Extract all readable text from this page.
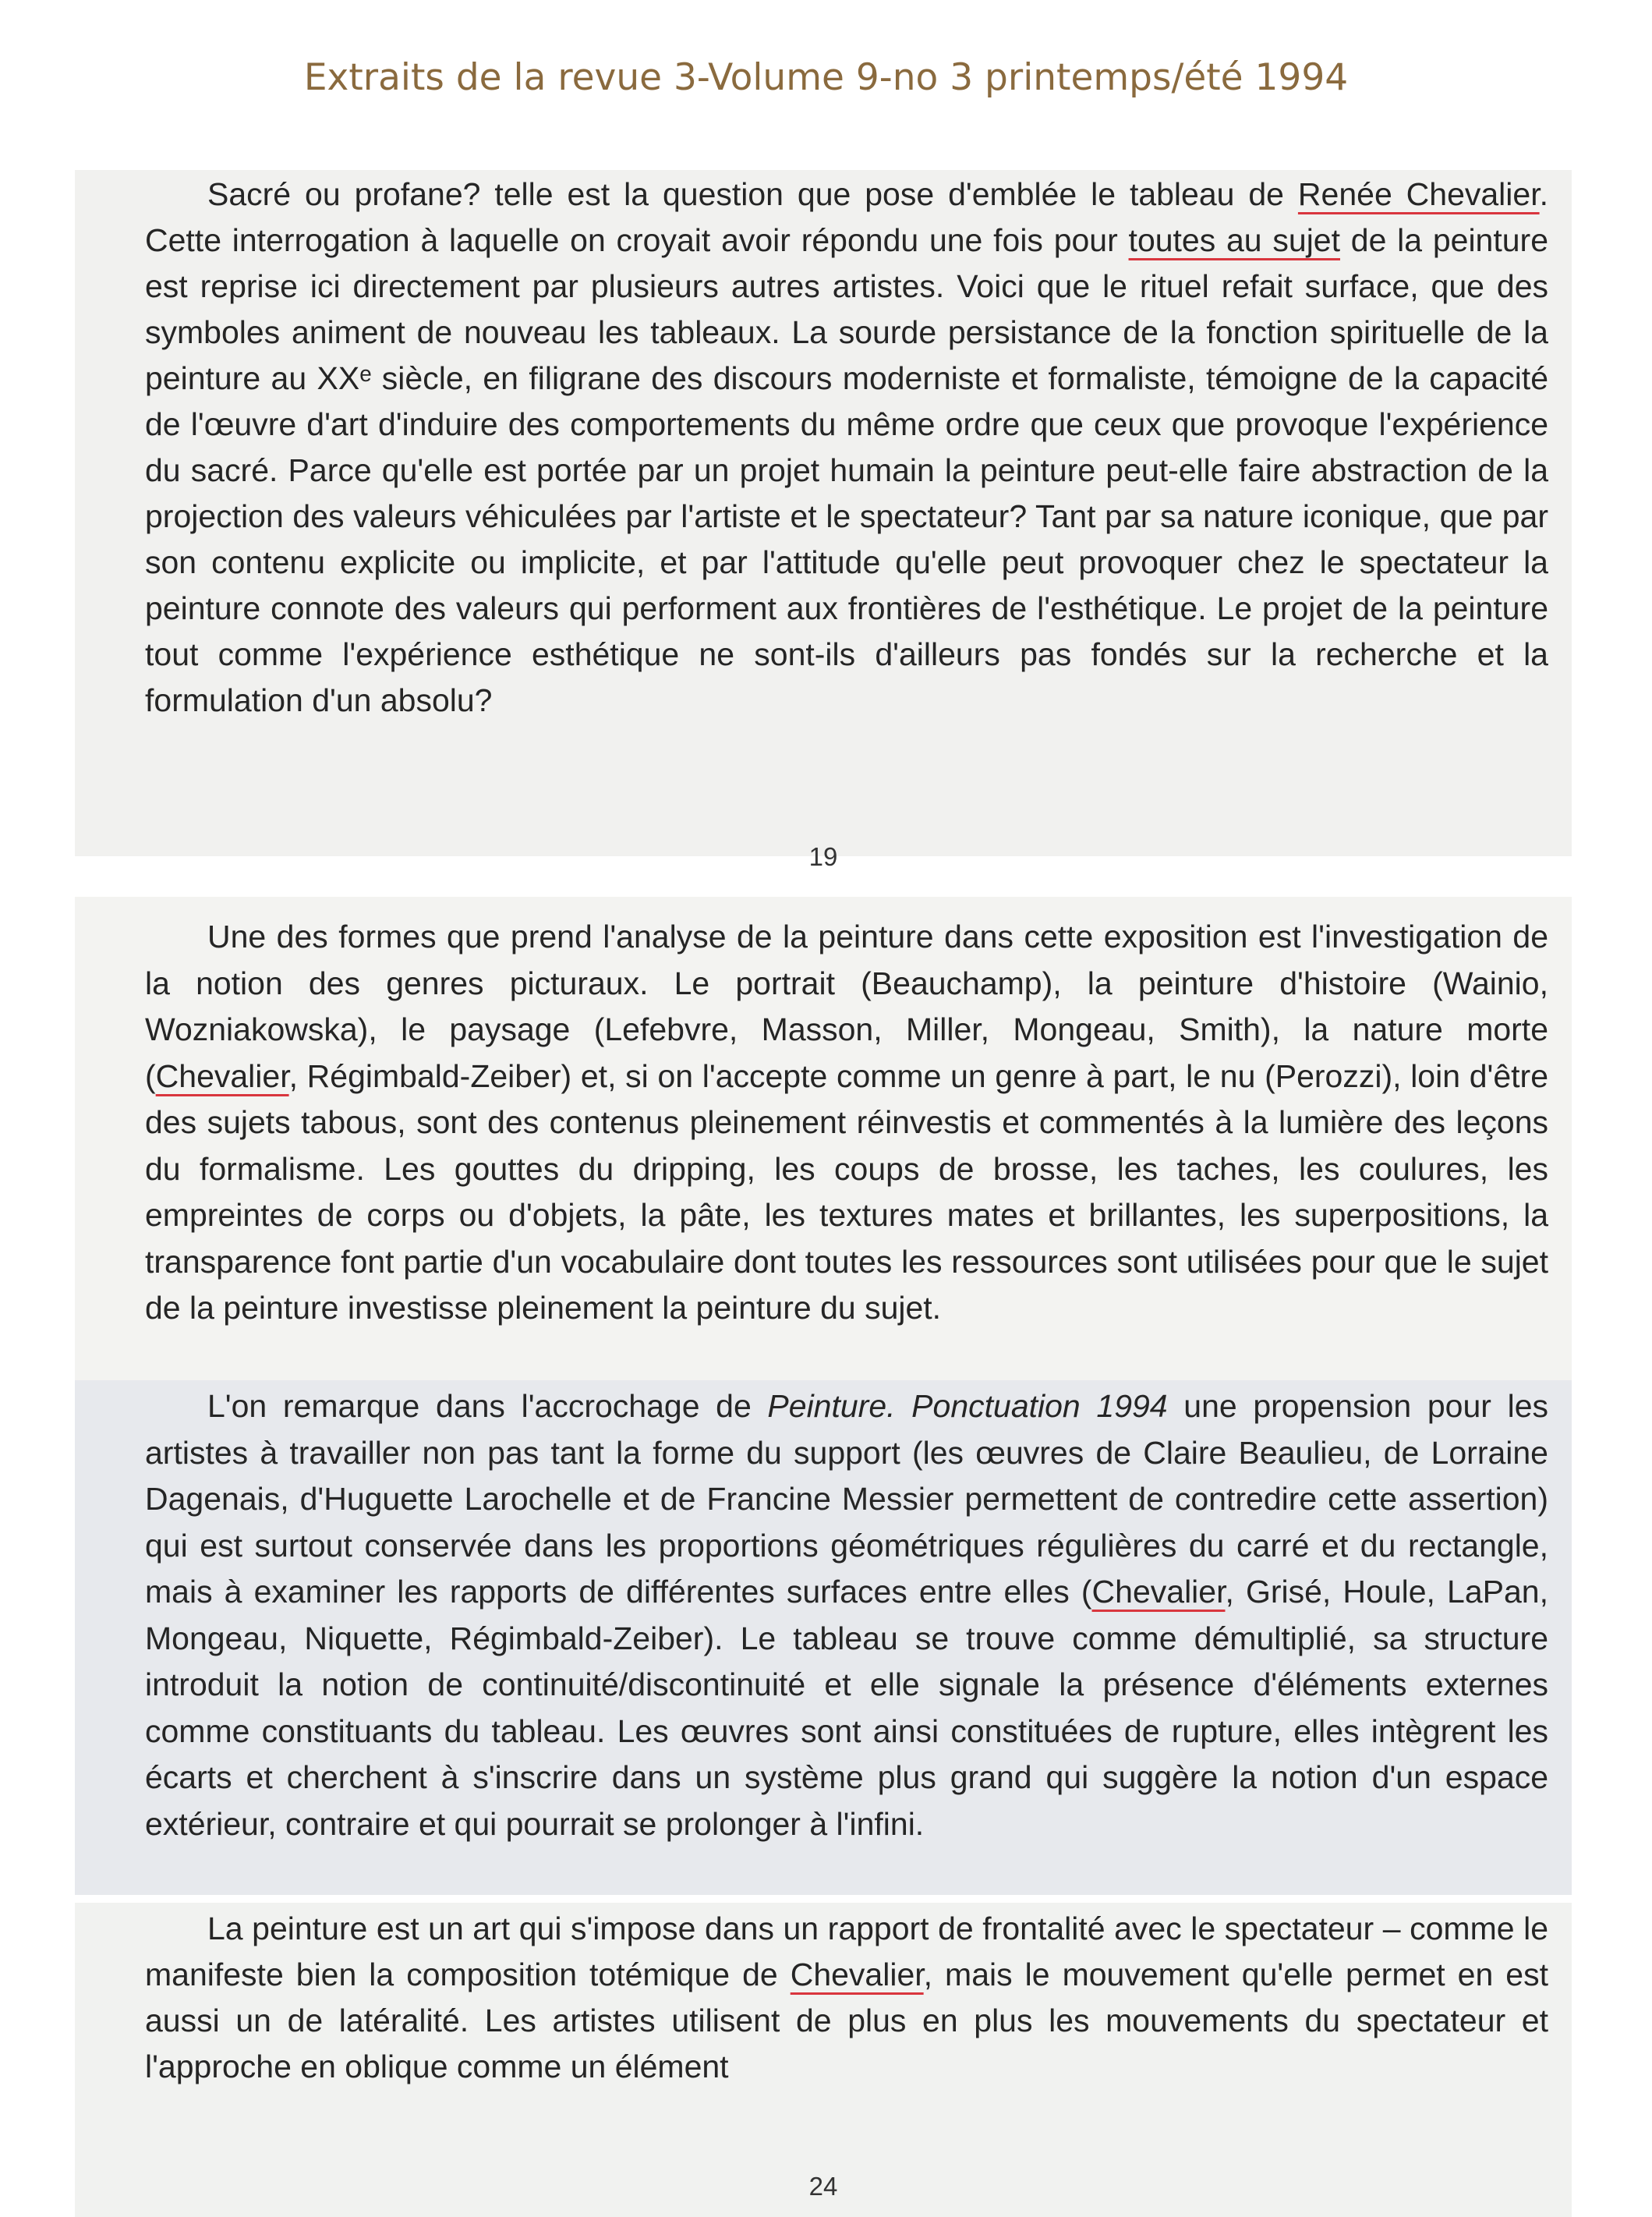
Extraits de la revue 3-Volume 9-no 3 printemps/été 1994

Sacré ou profane? telle est la question que pose d'emblée le tableau de Renée Chevalier. Cette interrogation à laquelle on croyait avoir répondu une fois pour toutes au sujet de la peinture est reprise ici directement par plusieurs autres artistes. Voici que le rituel refait surface, que des symboles animent de nouveau les tableaux. La sourde persistance de la fonction spirituelle de la peinture au XXᵉ siècle, en filigrane des discours moderniste et formaliste, témoigne de la capacité de l'œuvre d'art d'induire des comportements du même ordre que ceux que provoque l'expérience du sacré. Parce qu'elle est portée par un projet humain la peinture peut-elle faire abstraction de la projection des valeurs véhiculées par l'artiste et le spectateur? Tant par sa nature iconique, que par son contenu explicite ou implicite, et par l'attitude qu'elle peut provoquer chez le spectateur la peinture connote des valeurs qui performent aux frontières de l'esthétique. Le projet de la peinture tout comme l'expérience esthétique ne sont-ils d'ailleurs pas fondés sur la recherche et la formulation d'un absolu?

19

Une des formes que prend l'analyse de la peinture dans cette exposition est l'investigation de la notion des genres picturaux. Le portrait (Beauchamp), la peinture d'histoire (Wainio, Wozniakowska), le paysage (Lefebvre, Masson, Miller, Mongeau, Smith), la nature morte (Chevalier, Régimbald-Zeiber) et, si on l'accepte comme un genre à part, le nu (Perozzi), loin d'être des sujets tabous, sont des contenus pleinement réinvestis et commentés à la lumière des leçons du formalisme. Les gouttes du dripping, les coups de brosse, les taches, les coulures, les empreintes de corps ou d'objets, la pâte, les textures mates et brillantes, les superpositions, la transparence font partie d'un vocabulaire dont toutes les ressources sont utilisées pour que le sujet de la peinture investisse pleinement la peinture du sujet.

L'on remarque dans l'accrochage de Peinture. Ponctuation 1994 une propension pour les artistes à travailler non pas tant la forme du support (les œuvres de Claire Beaulieu, de Lorraine Dagenais, d'Huguette Larochelle et de Francine Messier permettent de contredire cette assertion) qui est surtout conservée dans les proportions géométriques régulières du carré et du rectangle, mais à examiner les rapports de différentes surfaces entre elles (Chevalier, Grisé, Houle, LaPan, Mongeau, Niquette, Régimbald-Zeiber). Le tableau se trouve comme démultiplié, sa structure introduit la notion de continuité/discontinuité et elle signale la présence d'éléments externes comme constituants du tableau. Les œuvres sont ainsi constituées de rupture, elles intègrent les écarts et cherchent à s'inscrire dans un système plus grand qui suggère la notion d'un espace extérieur, contraire et qui pourrait se prolonger à l'infini.

La peinture est un art qui s'impose dans un rapport de frontalité avec le spectateur – comme le manifeste bien la composition totémique de Chevalier, mais le mouvement qu'elle permet en est aussi un de latéralité. Les artistes utilisent de plus en plus les mouvements du spectateur et l'approche en oblique comme un élément

24
